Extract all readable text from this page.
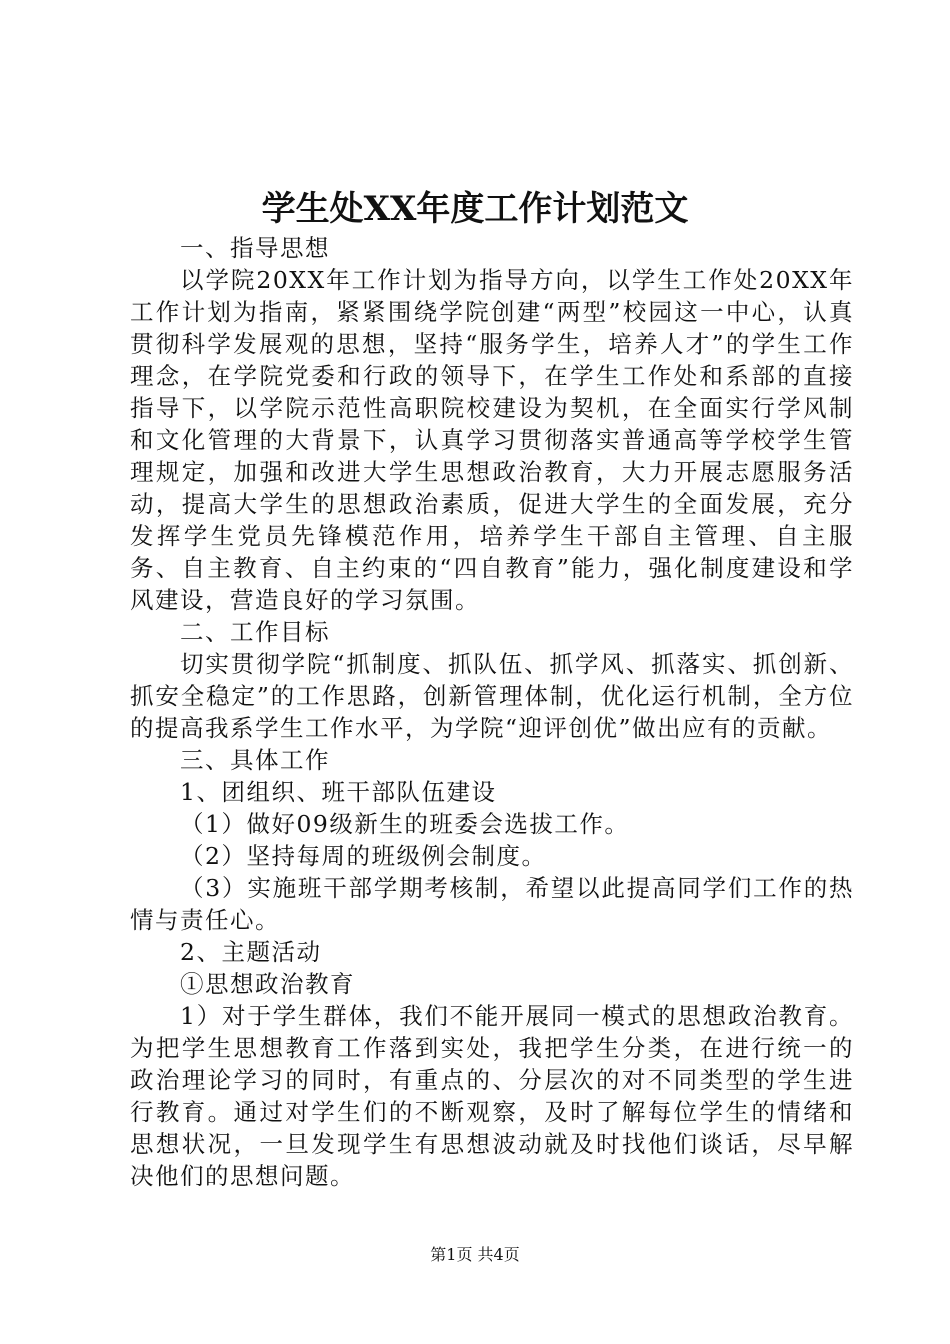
学生处XX年度工作计划范文

一、指导思想

以学院20XX年工作计划为指导方向，以学生工作处20XX年工作计划为指南，紧紧围绕学院创建“两型”校园这一中心，认真贯彻科学发展观的思想，坚持“服务学生，培养人才”的学生工作理念，在学院党委和行政的领导下，在学生工作处和系部的直接指导下，以学院示范性高职院校建设为契机，在全面实行学风制和文化管理的大背景下，认真学习贯彻落实普通高等学校学生管理规定，加强和改进大学生思想政治教育，大力开展志愿服务活动，提高大学生的思想政治素质，促进大学生的全面发展，充分发挥学生党员先锋模范作用，培养学生干部自主管理、自主服务、自主教育、自主约束的“四自教育”能力，强化制度建设和学风建设，营造良好的学习氛围。

二、工作目标

切实贯彻学院“抓制度、抓队伍、抓学风、抓落实、抓创新、抓安全稳定”的工作思路，创新管理体制，优化运行机制，全方位的提高我系学生工作水平，为学院“迎评创优”做出应有的贡献。

三、具体工作

1、团组织、班干部队伍建设

（1）做好09级新生的班委会选拔工作。

（2）坚持每周的班级例会制度。

（3）实施班干部学期考核制，希望以此提高同学们工作的热情与责任心。

2、主题活动

①思想政治教育

1）对于学生群体，我们不能开展同一模式的思想政治教育。为把学生思想教育工作落到实处，我把学生分类，在进行统一的政治理论学习的同时，有重点的、分层次的对不同类型的学生进行教育。通过对学生们的不断观察，及时了解每位学生的情绪和思想状况，一旦发现学生有思想波动就及时找他们谈话，尽早解决他们的思想问题。

第1页 共4页
